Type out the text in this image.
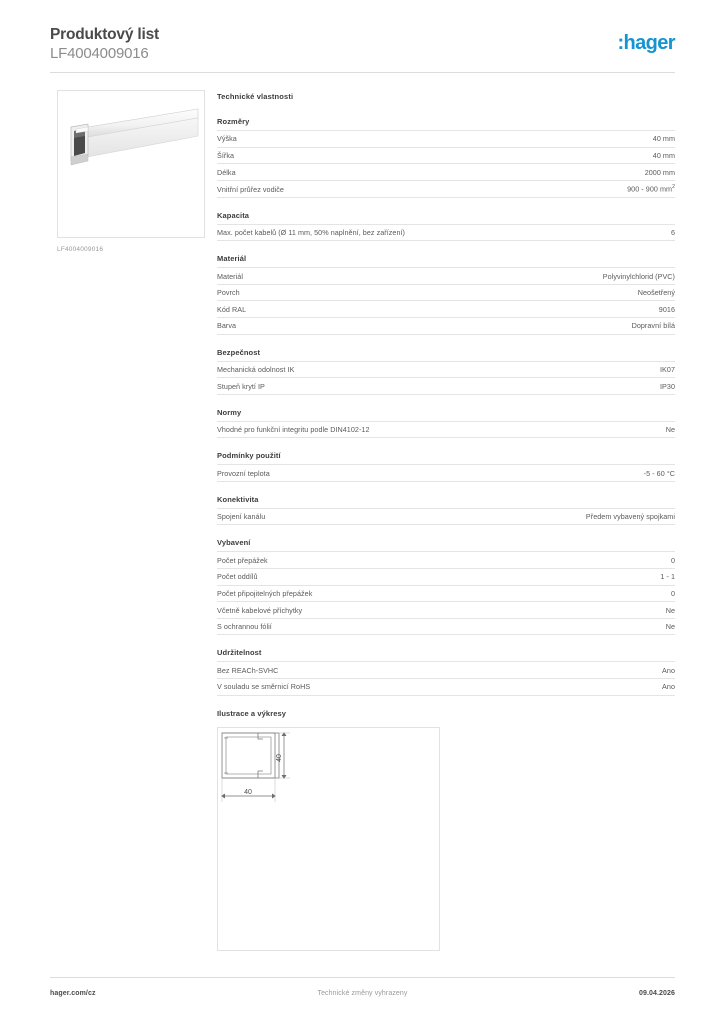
Produktový list
LF4004009016	:hager
LF4004009016
Technické vlastnosti
Rozměry
Výška	40 mm
Šířka	40 mm
Délka	2000 mm
Vnitřní průřez vodiče	900 - 900 $mm^2$
Kapacita
Max. počet kabelů (Ø 11 mm, 50% naplnění, bez zařízení)	6
Materiál
Materiál	Polyvinylchlorid (PVC)
Povrch	Neošetřený
Kód RAL	9016
Barva	Dopravní bílá
Bezpečnost
Mechanická odolnost IK	IK07
Stupeň krytí IP	IP30
Normy
Vhodné pro funkční integritu podle DIN4102-12	Ne
Podmínky použití
Provozní teplota	-5 - 60 °C
Konektivita
Spojení kanálu	Předem vybavený spojkami
Vybavení
Počet přepážek	0
Počet oddílů	1 - 1
Počet připojitelných přepážek	0
Včetně kabelové příchytky	Ne
S ochrannou fólií	Ne
Udržitelnost
Bez REACh-SVHC	Ano
V souladu se směrnicí RoHS	Ano
Ilustrace a výkresy
40
40
hager.com/cz	Technické změny vyhrazeny	09.04.2026
